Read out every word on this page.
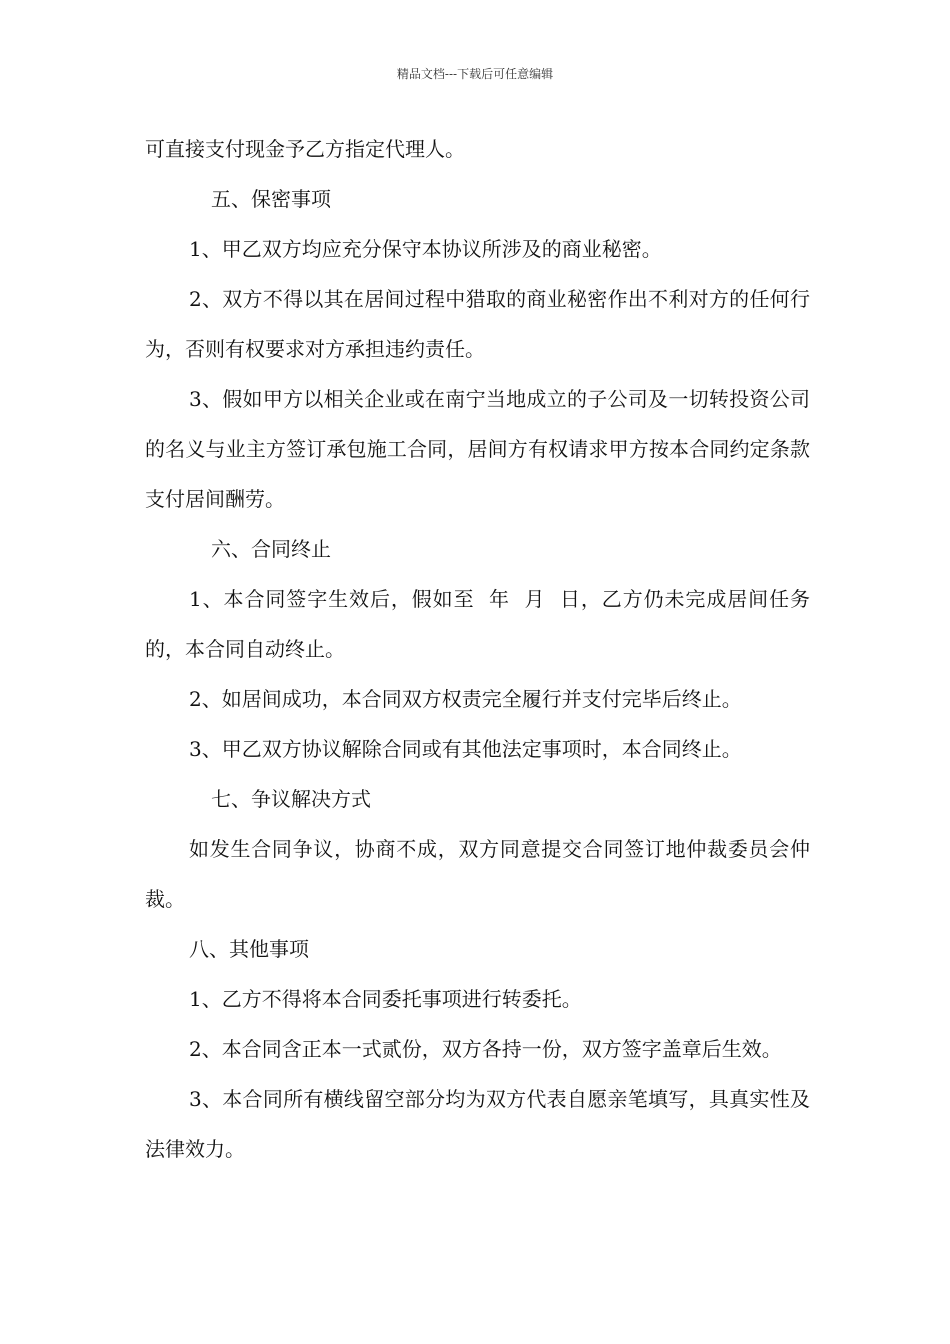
精品文档---下载后可任意编辑

可直接支付现金予乙方指定代理人。

五、保密事项

1、甲乙双方均应充分保守本协议所涉及的商业秘密。

2、双方不得以其在居间过程中猎取的商业秘密作出不利对方的任何行为，否则有权要求对方承担违约责任。

3、假如甲方以相关企业或在南宁当地成立的子公司及一切转投资公司的名义与业主方签订承包施工合同，居间方有权请求甲方按本合同约定条款支付居间酬劳。

六、合同终止

1、本合同签字生效后，假如至  年  月  日，乙方仍未完成居间任务的，本合同自动终止。

2、如居间成功，本合同双方权责完全履行并支付完毕后终止。

3、甲乙双方协议解除合同或有其他法定事项时，本合同终止。

七、争议解决方式

如发生合同争议，协商不成，双方同意提交合同签订地仲裁委员会仲裁。

八、其他事项

1、乙方不得将本合同委托事项进行转委托。

2、本合同含正本一式贰份，双方各持一份，双方签字盖章后生效。

3、本合同所有横线留空部分均为双方代表自愿亲笔填写，具真实性及法律效力。
